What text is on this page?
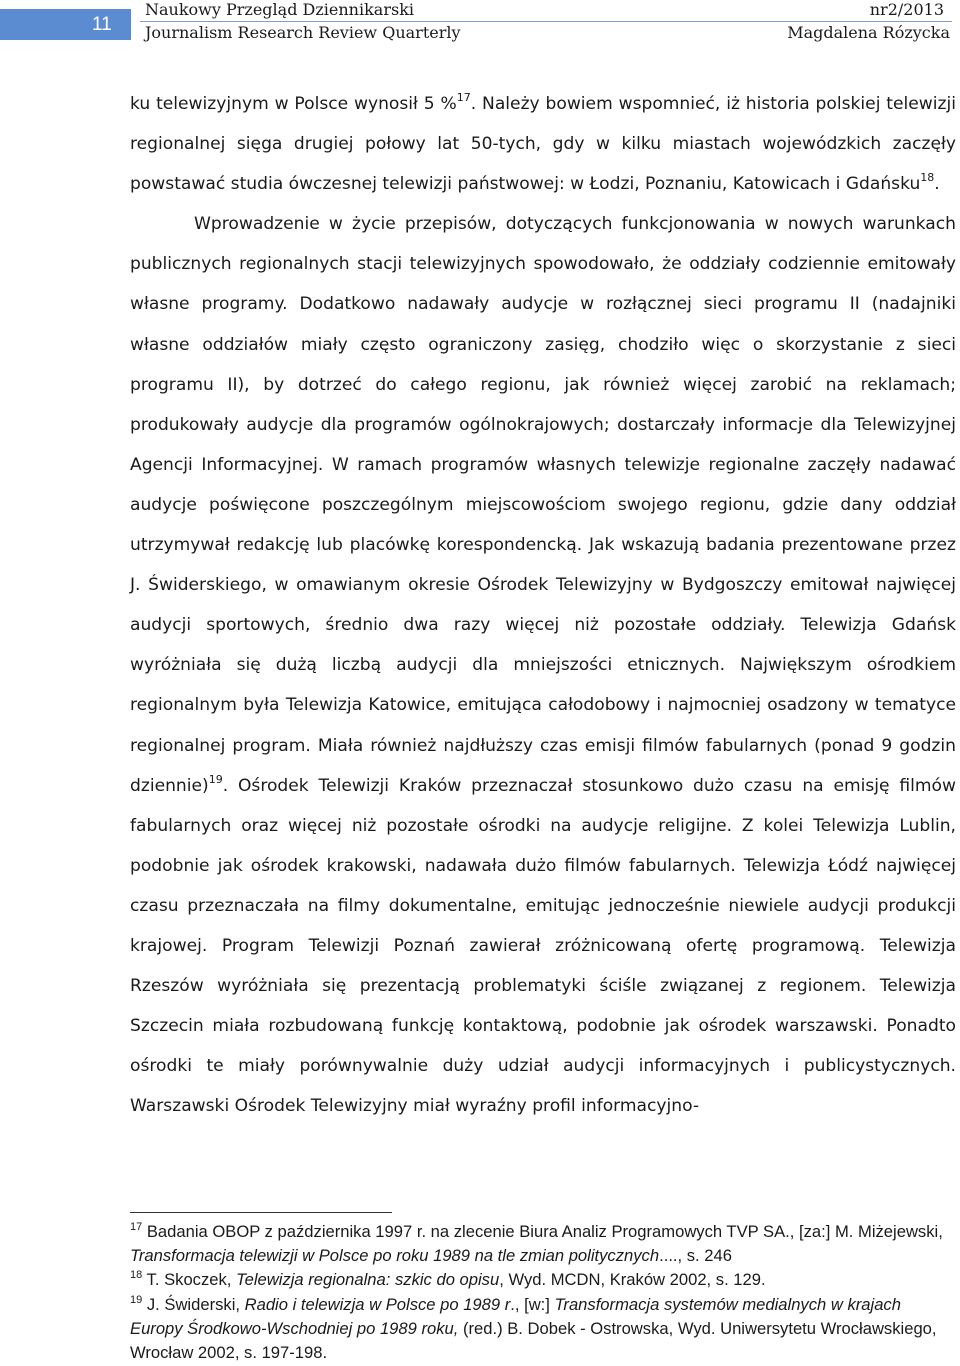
11
Naukowy Przegląd Dziennikarski
Journalism Research Review Quarterly
nr2/2013
Magdalena Rózycka

ku telewizyjnym w Polsce wynosił 5 %$^{17}$. Należy bowiem wspomnieć, iż historia polskiej telewizji regionalnej sięga drugiej połowy lat 50-tych, gdy w kilku miastach wojewódzkich zaczęły powstawać studia ówczesnej telewizji państwowej: w Łodzi, Poznaniu, Katowicach i Gdańsku$^{18}$.

Wprowadzenie w życie przepisów, dotyczących funkcjonowania w nowych warunkach publicznych regionalnych stacji telewizyjnych spowodowało, że oddziały codziennie emitowały własne programy. Dodatkowo nadawały audycje w rozłącznej sieci programu II (nadajniki własne oddziałów miały często ograniczony zasięg, chodziło więc o skorzystanie z sieci programu II), by dotrzeć do całego regionu, jak również więcej zarobić na reklamach; produkowały audycje dla programów ogólnokrajowych; dostarczały informacje dla Telewizyjnej Agencji Informacyjnej. W ramach programów własnych telewizje regionalne zaczęły nadawać audycje poświęcone poszczególnym miejscowościom swojego regionu, gdzie dany oddział utrzymywał redakcję lub placówkę korespondencką. Jak wskazują badania prezentowane przez J. Świderskiego, w omawianym okresie Ośrodek Telewizyjny w Bydgoszczy emitował najwięcej audycji sportowych, średnio dwa razy więcej niż pozostałe oddziały. Telewizja Gdańsk wyróżniała się dużą liczbą audycji dla mniejszości etnicznych. Największym ośrodkiem regionalnym była Telewizja Katowice, emitująca całodobowy i najmocniej osadzony w tematyce regionalnej program. Miała również najdłuższy czas emisji filmów fabularnych (ponad 9 godzin dziennie)$^{19}$. Ośrodek Telewizji Kraków przeznaczał stosunkowo dużo czasu na emisję filmów fabularnych oraz więcej niż pozostałe ośrodki na audycje religijne. Z kolei Telewizja Lublin, podobnie jak ośrodek krakowski, nadawała dużo filmów fabularnych. Telewizja Łódź najwięcej czasu przeznaczała na filmy dokumentalne, emitując jednocześnie niewiele audycji produkcji krajowej. Program Telewizji Poznań zawierał zróżnicowaną ofertę programową. Telewizja Rzeszów wyróżniała się prezentacją problematyki ściśle związanej z regionem. Telewizja Szczecin miała rozbudowaną funkcję kontaktową, podobnie jak ośrodek warszawski. Ponadto ośrodki te miały porównywalnie duży udział audycji informacyjnych i publicystycznych. Warszawski Ośrodek Telewizyjny miał wyraźny profil informacyjno-

$^{17}$ Badania OBOP z października 1997 r. na zlecenie Biura Analiz Programowych TVP SA., [za:] M. Miżejewski, Transformacja telewizji w Polsce po roku 1989 na tle zmian politycznych...., s. 246

$^{18}$ T. Skoczek, Telewizja regionalna: szkic do opisu, Wyd. MCDN, Kraków 2002, s. 129.

$^{19}$ J. Świderski, Radio i telewizja w Polsce po 1989 r., [w:] Transformacja systemów medialnych w krajach Europy Środkowo-Wschodniej po 1989 roku, (red.) B. Dobek - Ostrowska, Wyd. Uniwersytetu Wrocławskiego, Wrocław 2002, s. 197-198.
